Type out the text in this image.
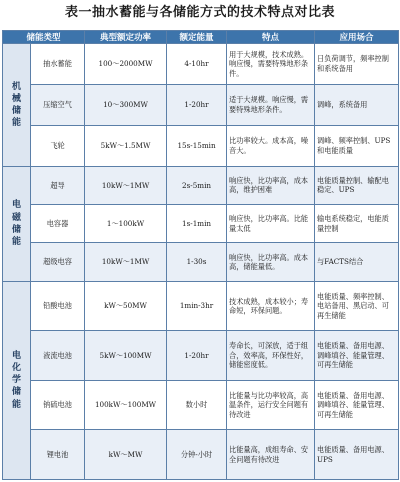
表一抽水蓄能与各储能方式的技术特点对比表
储能类型		典型额定功率	额定能量	特点	应用场合

机械储能	抽水蓄能	100～2000MW	4-10hr	用于大规模，技术成熟。响应慢，需要特殊地形条件。	日负荷调节，频率控制和系统备用
	压缩空气	10～300MW	1-20hr	适于大规模。响应慢，需要特殊地形条件。	调峰，系统备用
	飞轮	5kW～1.5MW	15s-15min	比功率较大。成本高，噪音大。	调峰、频率控制、UPS和电能质量

电磁储能	超导	10kW～1MW	2s-5min	响应快，比功率高，成本高，维护困难	电能质量控制、输配电稳定、UPS
	电容器	1～100kW	1s-1min	响应快，比功率高。比能量太低	输电系统稳定，电能质量控制
	超级电容	10kW～1MW	1-30s	响应快，比功率高。成本高，储能量低。	与FACTS结合

电化学储能	铅酸电池	kW～50MW	1min-3hr	技术成熟，成本较小；寿命短，环保问题。	电能质量、频率控制、电站备用、黑启动、可再生储能
	液流电池	5kW～100MW	1-20hr	寿命长，可深放，适于组合，效率高，环保性好，储能密度低。	电能质量、备用电源、调峰填谷、能量管理、可再生储能
	钠硫电池	100kW～100MW	数小时	比能量与比功率较高，高温条件，运行安全问题有待改进	电能质量、备用电源、调峰填谷、能量管理、可再生储能
	锂电池	kW～MW	分钟-小时	比能量高，成组寿命、安全问题有待改进	电能质量、备用电源、UPS
